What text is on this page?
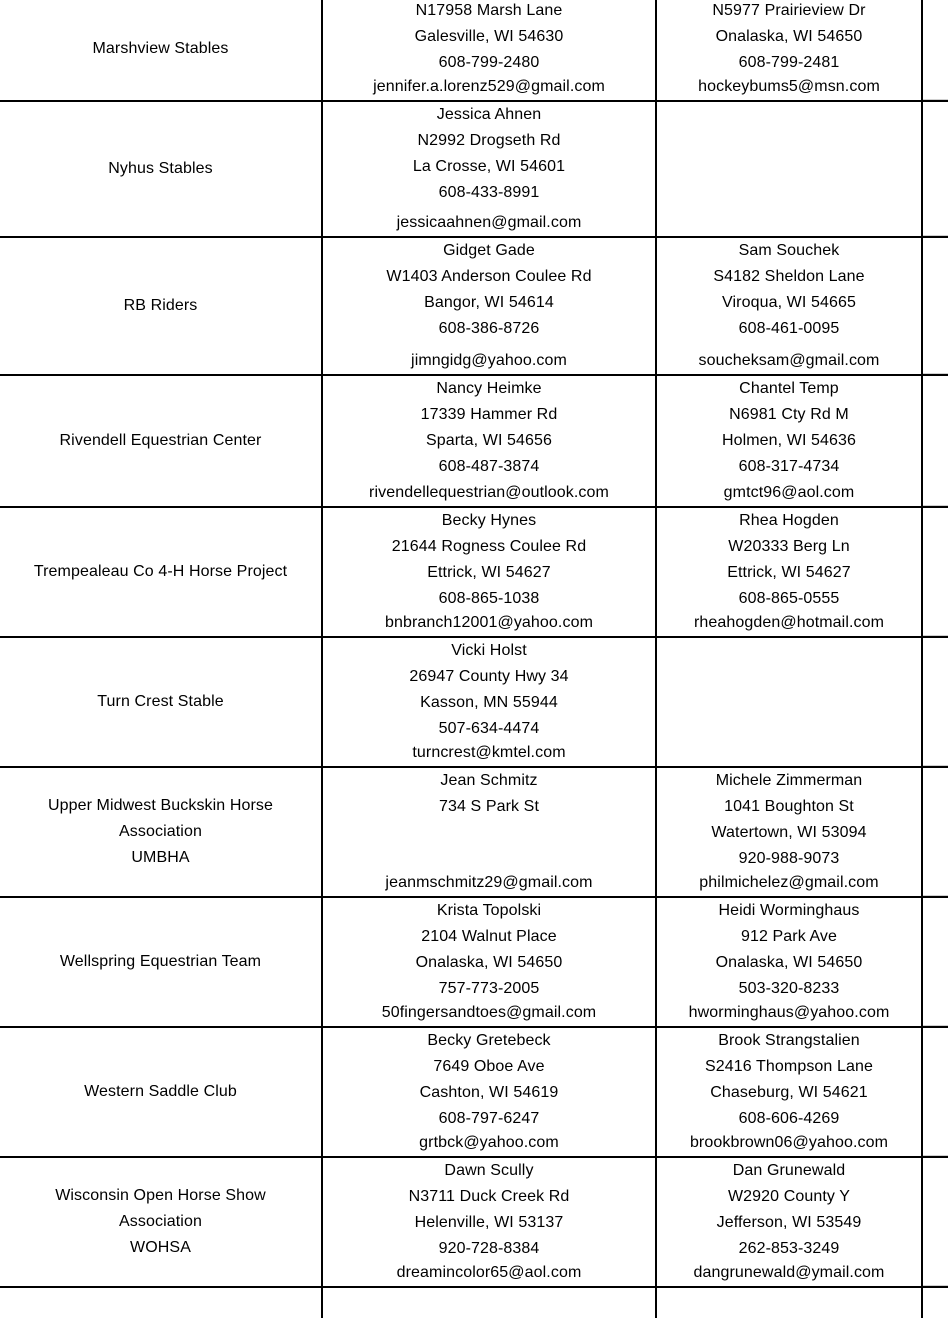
Marshview Stables
N17958 Marsh Lane
Galesville, WI 54630
608-799-2480
jennifer.a.lorenz529@gmail.com
N5977 Prairieview Dr
Onalaska, WI 54650
608-799-2481
hockeybums5@msn.com
Nyhus Stables
Jessica Ahnen
N2992 Drogseth Rd
La Crosse, WI 54601
608-433-8991
jessicaahnen@gmail.com
RB Riders
Gidget Gade
W1403 Anderson Coulee Rd
Bangor, WI 54614
608-386-8726
jimngidg@yahoo.com
Sam Souchek
S4182 Sheldon Lane
Viroqua, WI 54665
608-461-0095
soucheksam@gmail.com
Rivendell Equestrian Center
Nancy Heimke
17339 Hammer Rd
Sparta, WI 54656
608-487-3874
rivendellequestrian@outlook.com
Chantel Temp
N6981 Cty Rd M
Holmen, WI 54636
608-317-4734
gmtct96@aol.com
Trempealeau Co 4-H Horse Project
Becky Hynes
21644 Rogness Coulee Rd
Ettrick, WI 54627
608-865-1038
bnbranch12001@yahoo.com
Rhea Hogden
W20333 Berg Ln
Ettrick, WI 54627
608-865-0555
rheahogden@hotmail.com
Turn Crest Stable
Vicki Holst
26947 County Hwy 34
Kasson, MN 55944
507-634-4474
turncrest@kmtel.com
Upper Midwest Buckskin Horse
Association
UMBHA
Jean Schmitz
734 S Park St
jeanmschmitz29@gmail.com
Michele Zimmerman
1041 Boughton St
Watertown, WI 53094
920-988-9073
philmichelez@gmail.com
Wellspring Equestrian Team
Krista Topolski
2104 Walnut Place
Onalaska, WI 54650
757-773-2005
50fingersandtoes@gmail.com
Heidi Worminghaus
912 Park Ave
Onalaska, WI 54650
503-320-8233
hworminghaus@yahoo.com
Western Saddle Club
Becky Gretebeck
7649 Oboe Ave
Cashton, WI 54619
608-797-6247
grtbck@yahoo.com
Brook Strangstalien
S2416 Thompson Lane
Chaseburg, WI 54621
608-606-4269
brookbrown06@yahoo.com
Wisconsin Open Horse Show
Association
WOHSA
Dawn Scully
N3711 Duck Creek Rd
Helenville, WI 53137
920-728-8384
dreamincolor65@aol.com
Dan Grunewald
W2920 County Y
Jefferson, WI 53549
262-853-3249
dangrunewald@ymail.com
